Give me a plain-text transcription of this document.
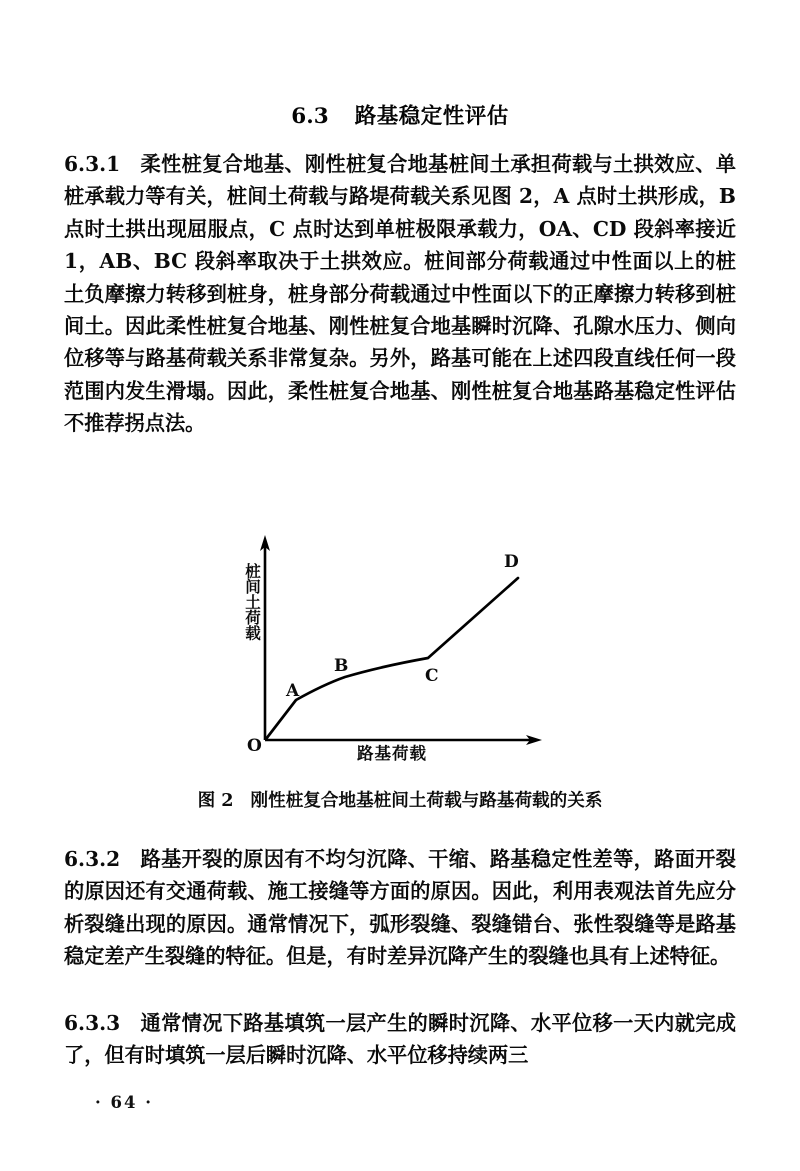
6.3 路基稳定性评估
6.3.1 柔性桩复合地基、刚性桩复合地基桩间土承担荷载与土拱效应、单桩承载力等有关，桩间土荷载与路堤荷载关系见图 2，A 点时土拱形成，B 点时土拱出现屈服点，C 点时达到单桩极限承载力，OA、CD 段斜率接近 1，AB、BC 段斜率取决于土拱效应。桩间部分荷载通过中性面以上的桩土负摩擦力转移到桩身，桩身部分荷载通过中性面以下的正摩擦力转移到桩间土。因此柔性桩复合地基、刚性桩复合地基瞬时沉降、孔隙水压力、侧向位移等与路基荷载关系非常复杂。另外，路基可能在上述四段直线任何一段范围内发生滑塌。因此，柔性桩复合地基、刚性桩复合地基路基稳定性评估不推荐拐点法。
桩间土荷载
路基荷载
O
A
B	C
D
图 2 刚性桩复合地基桩间土荷载与路基荷载的关系
6.3.2 路基开裂的原因有不均匀沉降、干缩、路基稳定性差等，路面开裂的原因还有交通荷载、施工接缝等方面的原因。因此，利用表观法首先应分析裂缝出现的原因。通常情况下，弧形裂缝、裂缝错台、张性裂缝等是路基稳定差产生裂缝的特征。但是，有时差异沉降产生的裂缝也具有上述特征。
6.3.3 通常情况下路基填筑一层产生的瞬时沉降、水平位移一天内就完成了，但有时填筑一层后瞬时沉降、水平位移持续两三
· 64 ·
